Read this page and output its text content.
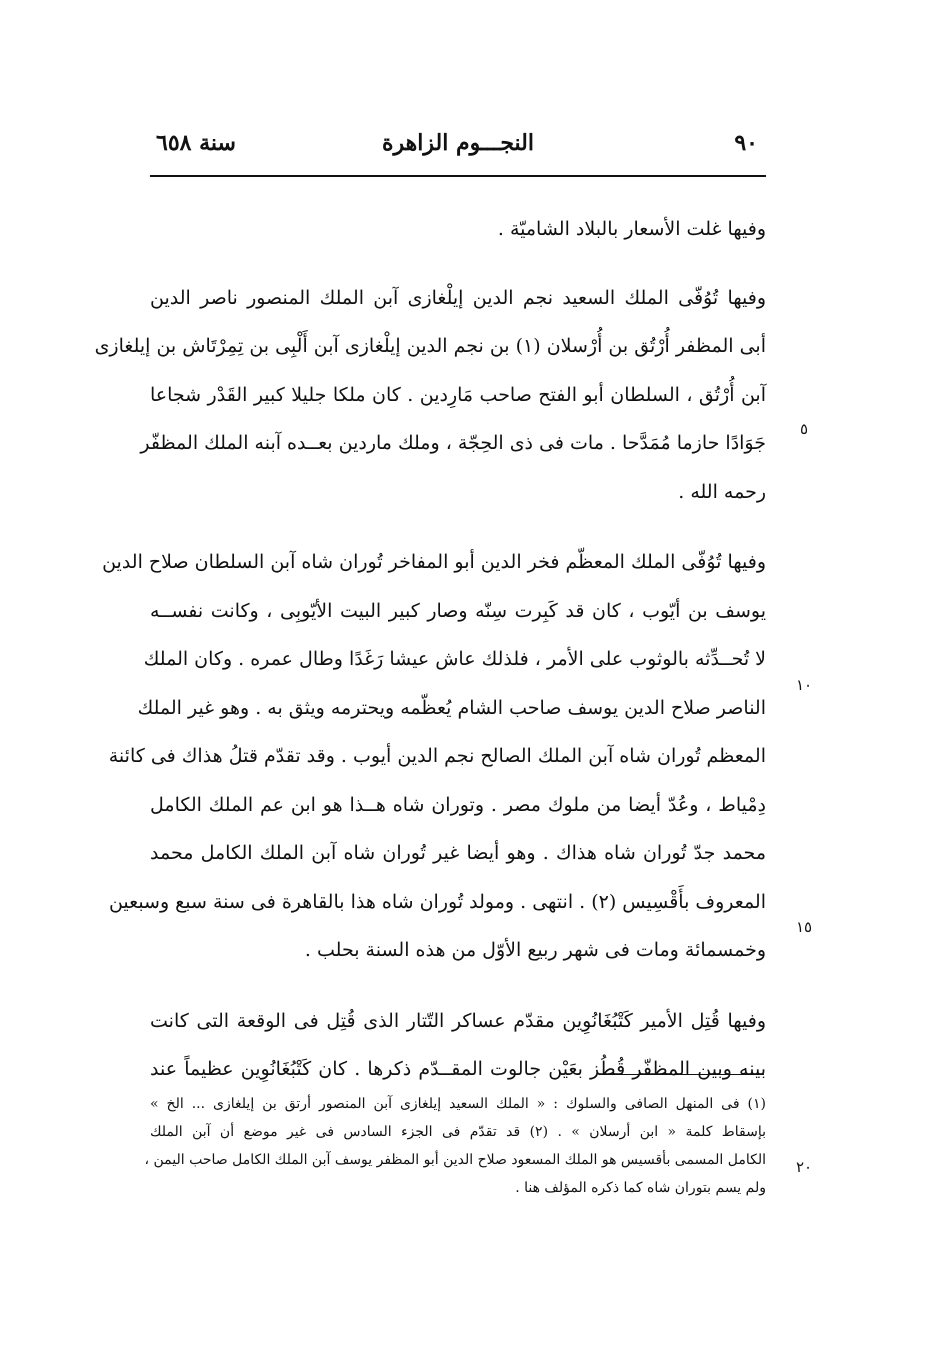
٩٠
النجـــوم الزاهرة
سنة ٦٥٨

وفيها غلت الأسعار بالبلاد الشاميّة .

وفيها تُوُفّى الملك السعيد نجم الدين إيلْغازى آبن الملك المنصور ناصر الدين
أبى المظفر أُرْتُق بن أُرْسلان (١) بن نجم الدين إيلْغازى آبن أَلْبِى بن تِمِرْتَاش بن إيلغازى
آبن أُرْتُق ، السلطان أبو الفتح صاحب مَارِدين . كان ملكا جليلا كبير القَدْر شجاعا
جَوَادًا حازما مُمَدَّحا . مات فى ذى الحِجّة ، وملك ماردين بعــده آبنه الملك المظفّر
رحمه الله .

وفيها تُوُفّى الملك المعظّم فخر الدين أبو المفاخر تُوران شاه آبن السلطان صلاح الدين
يوسف بن أيّوب ، كان قد كَبِرت سِنّه وصار كبير البيت الأيّوبِى ، وكانت نفســه
لا تُحــدِّثه بالوثوب على الأمر ، فلذلك عاش عيشا رَغَدًا وطال عمره . وكان الملك
الناصر صلاح الدين يوسف صاحب الشام يُعظّمه ويحترمه ويثق به . وهو غير الملك
المعظم تُوران شاه آبن الملك الصالح نجم الدين أيوب . وقد تقدّم قتلُ هذاك فى كائنة
دِمْياط ، وعُدّ أيضا من ملوك مصر . وتوران شاه هــذا هو ابن عم الملك الكامل
محمد جدّ تُوران شاه هذاك . وهو أيضا غير تُوران شاه آبن الملك الكامل محمد
المعروف بأَقْسِيس (٢) . انتهى . ومولد تُوران شاه هذا بالقاهرة فى سنة سبع وسبعين
وخمسمائة ومات فى شهر ربيع الأوّل من هذه السنة بحلب .

وفيها قُتِل الأمير كَتْبُغَانُوِين مقدّم عساكر التّتار الذى قُتِل فى الوقعة التى كانت
بينه وبين المظفّر قُطُز بعَيْن جالوت المقــدّم ذكرها . كان كَتْبُغَانُوِين عظيماً عند

٥
١٠
١٥
٢٠
(١) فى المنهل الصافى والسلوك : « الملك السعيد إيلغازى آبن المنصور أرتق بن إيلغازى ... الخ »
بإسقاط كلمة « ابن أرسلان » . (٢) قد تقدّم فى الجزء السادس فى غير موضع أن آبن الملك
الكامل المسمى بأقسيس هو الملك المسعود صلاح الدين أبو المظفر يوسف آبن الملك الكامل صاحب اليمن ،
ولم يسم بتوران شاه كما ذكره المؤلف هنا .
